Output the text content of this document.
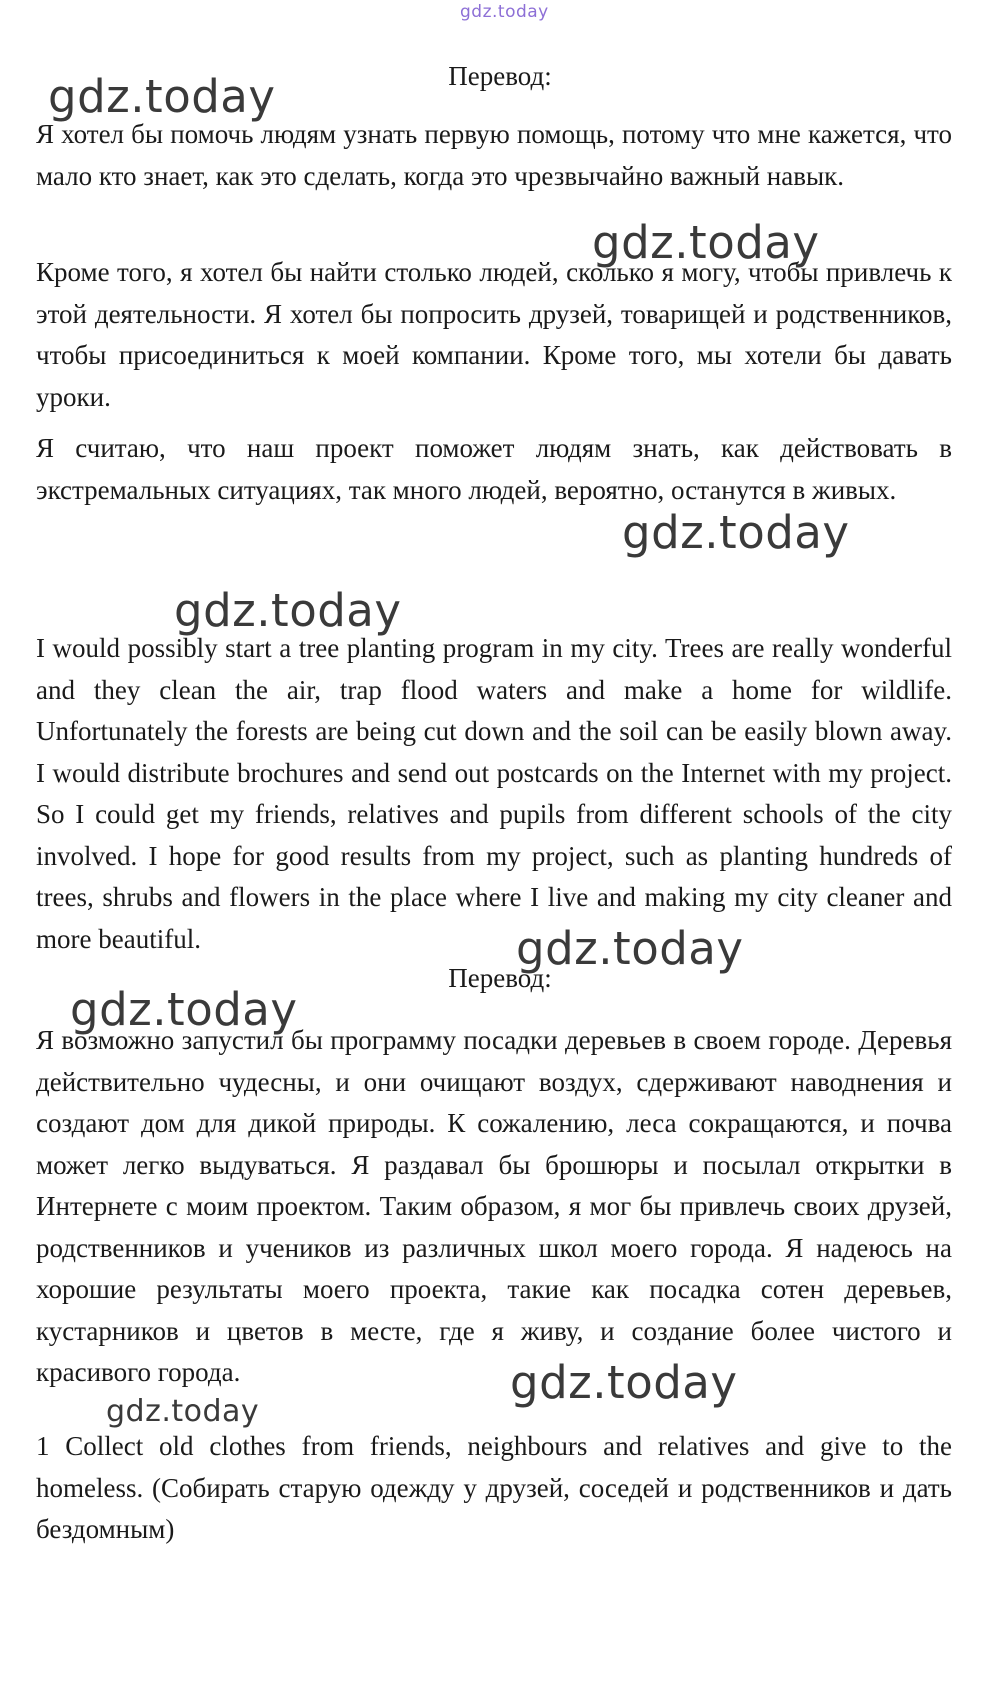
gdz.today

Перевод:

Я хотел бы помочь людям узнать первую помощь, потому что мне кажется, что мало кто знает, как это сделать, когда это чрезвычайно важный навык.

Кроме того, я хотел бы найти столько людей, сколько я могу, чтобы привлечь к этой деятельности. Я хотел бы попросить друзей, товарищей и родственников, чтобы присоединиться к моей компании. Кроме того, мы хотели бы давать уроки.

Я считаю, что наш проект поможет людям знать, как действовать в экстремальных ситуациях, так много людей, вероятно, останутся в живых.

I would possibly start a tree planting program in my city. Trees are really wonderful and they clean the air, trap flood waters and make a home for wildlife. Unfortunately the forests are being cut down and the soil can be easily blown away. I would distribute brochures and send out postcards on the Internet with my project. So I could get my friends, relatives and pupils from different schools of the city involved. I hope for good results from my project, such as planting hundreds of trees, shrubs and flowers in the place where I live and making my city cleaner and more beautiful.

Перевод:

Я возможно запустил бы программу посадки деревьев в своем городе. Деревья действительно чудесны, и они очищают воздух, сдерживают наводнения и создают дом для дикой природы. К сожалению, леса сокращаются, и почва может легко выдуваться. Я раздавал бы брошюры и посылал открытки в Интернете с моим проектом. Таким образом, я мог бы привлечь своих друзей, родственников и учеников из различных школ моего города. Я надеюсь на хорошие результаты моего проекта, такие как посадка сотен деревьев, кустарников и цветов в месте, где я живу, и создание более чистого и красивого города.

1 Collect old clothes from friends, neighbours and relatives and give to the homeless. (Собирать старую одежду у друзей, соседей и родственников и дать бездомным)

gdz.today
gdz.today
gdz.today
gdz.today
gdz.today
gdz.today
gdz.today
gdz.today
